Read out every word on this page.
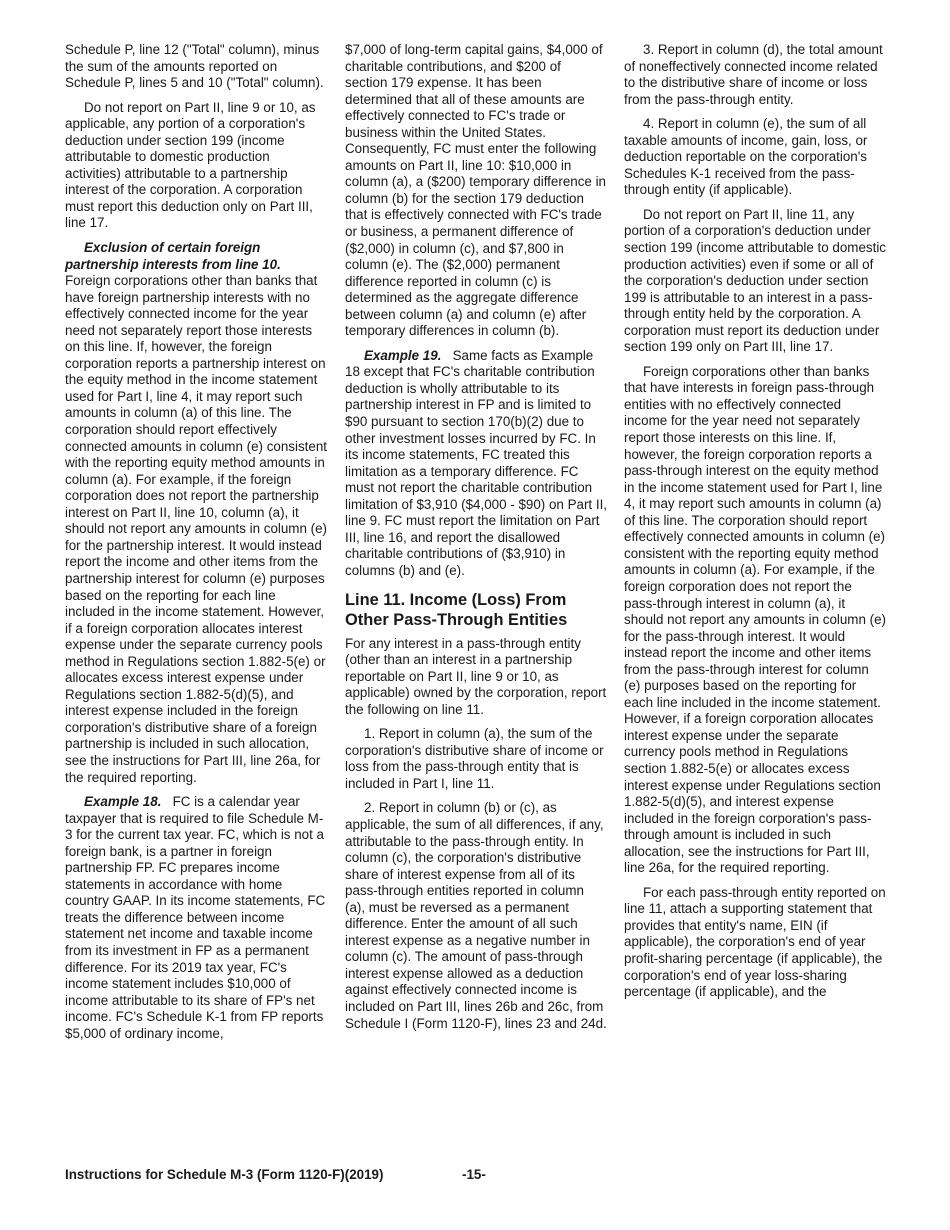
Schedule P, line 12 ("Total" column), minus the sum of the amounts reported on Schedule P, lines 5 and 10 ("Total" column).

Do not report on Part II, line 9 or 10, as applicable, any portion of a corporation's deduction under section 199 (income attributable to domestic production activities) attributable to a partnership interest of the corporation. A corporation must report this deduction only on Part III, line 17.

Exclusion of certain foreign partnership interests from line 10. Foreign corporations other than banks that have foreign partnership interests with no effectively connected income for the year need not separately report those interests on this line. If, however, the foreign corporation reports a partnership interest on the equity method in the income statement used for Part I, line 4, it may report such amounts in column (a) of this line. The corporation should report effectively connected amounts in column (e) consistent with the reporting equity method amounts in column (a). For example, if the foreign corporation does not report the partnership interest on Part II, line 10, column (a), it should not report any amounts in column (e) for the partnership interest. It would instead report the income and other items from the partnership interest for column (e) purposes based on the reporting for each line included in the income statement. However, if a foreign corporation allocates interest expense under the separate currency pools method in Regulations section 1.882-5(e) or allocates excess interest expense under Regulations section 1.882-5(d)(5), and interest expense included in the foreign corporation's distributive share of a foreign partnership is included in such allocation, see the instructions for Part III, line 26a, for the required reporting.

Example 18. FC is a calendar year taxpayer that is required to file Schedule M-3 for the current tax year. FC, which is not a foreign bank, is a partner in foreign partnership FP. FC prepares income statements in accordance with home country GAAP. In its income statements, FC treats the difference between income statement net income and taxable income from its investment in FP as a permanent difference. For its 2019 tax year, FC's income statement includes $10,000 of income attributable to its share of FP's net income. FC's Schedule K-1 from FP reports $5,000 of ordinary income,

$7,000 of long-term capital gains, $4,000 of charitable contributions, and $200 of section 179 expense. It has been determined that all of these amounts are effectively connected to FC's trade or business within the United States. Consequently, FC must enter the following amounts on Part II, line 10: $10,000 in column (a), a ($200) temporary difference in column (b) for the section 179 deduction that is effectively connected with FC's trade or business, a permanent difference of ($2,000) in column (c), and $7,800 in column (e). The ($2,000) permanent difference reported in column (c) is determined as the aggregate difference between column (a) and column (e) after temporary differences in column (b).

Example 19. Same facts as Example 18 except that FC's charitable contribution deduction is wholly attributable to its partnership interest in FP and is limited to $90 pursuant to section 170(b)(2) due to other investment losses incurred by FC. In its income statements, FC treated this limitation as a temporary difference. FC must not report the charitable contribution limitation of $3,910 ($4,000 - $90) on Part II, line 9. FC must report the limitation on Part III, line 16, and report the disallowed charitable contributions of ($3,910) in columns (b) and (e).

Line 11. Income (Loss) From Other Pass-Through Entities

For any interest in a pass-through entity (other than an interest in a partnership reportable on Part II, line 9 or 10, as applicable) owned by the corporation, report the following on line 11.

1. Report in column (a), the sum of the corporation's distributive share of income or loss from the pass-through entity that is included in Part I, line 11.

2. Report in column (b) or (c), as applicable, the sum of all differences, if any, attributable to the pass-through entity. In column (c), the corporation's distributive share of interest expense from all of its pass-through entities reported in column (a), must be reversed as a permanent difference. Enter the amount of all such interest expense as a negative number in column (c). The amount of pass-through interest expense allowed as a deduction against effectively connected income is included on Part III, lines 26b and 26c, from Schedule I (Form 1120-F), lines 23 and 24d.

3. Report in column (d), the total amount of noneffectively connected income related to the distributive share of income or loss from the pass-through entity.

4. Report in column (e), the sum of all taxable amounts of income, gain, loss, or deduction reportable on the corporation's Schedules K-1 received from the pass-through entity (if applicable).

Do not report on Part II, line 11, any portion of a corporation's deduction under section 199 (income attributable to domestic production activities) even if some or all of the corporation's deduction under section 199 is attributable to an interest in a pass-through entity held by the corporation. A corporation must report its deduction under section 199 only on Part III, line 17.

Foreign corporations other than banks that have interests in foreign pass-through entities with no effectively connected income for the year need not separately report those interests on this line. If, however, the foreign corporation reports a pass-through interest on the equity method in the income statement used for Part I, line 4, it may report such amounts in column (a) of this line. The corporation should report effectively connected amounts in column (e) consistent with the reporting equity method amounts in column (a). For example, if the foreign corporation does not report the pass-through interest in column (a), it should not report any amounts in column (e) for the pass-through interest. It would instead report the income and other items from the pass-through interest for column (e) purposes based on the reporting for each line included in the income statement. However, if a foreign corporation allocates interest expense under the separate currency pools method in Regulations section 1.882-5(e) or allocates excess interest expense under Regulations section 1.882-5(d)(5), and interest expense included in the foreign corporation's pass-through amount is included in such allocation, see the instructions for Part III, line 26a, for the required reporting.

For each pass-through entity reported on line 11, attach a supporting statement that provides that entity's name, EIN (if applicable), the corporation's end of year profit-sharing percentage (if applicable), the corporation's end of year loss-sharing percentage (if applicable), and the

Instructions for Schedule M-3 (Form 1120-F)(2019)	-15-
